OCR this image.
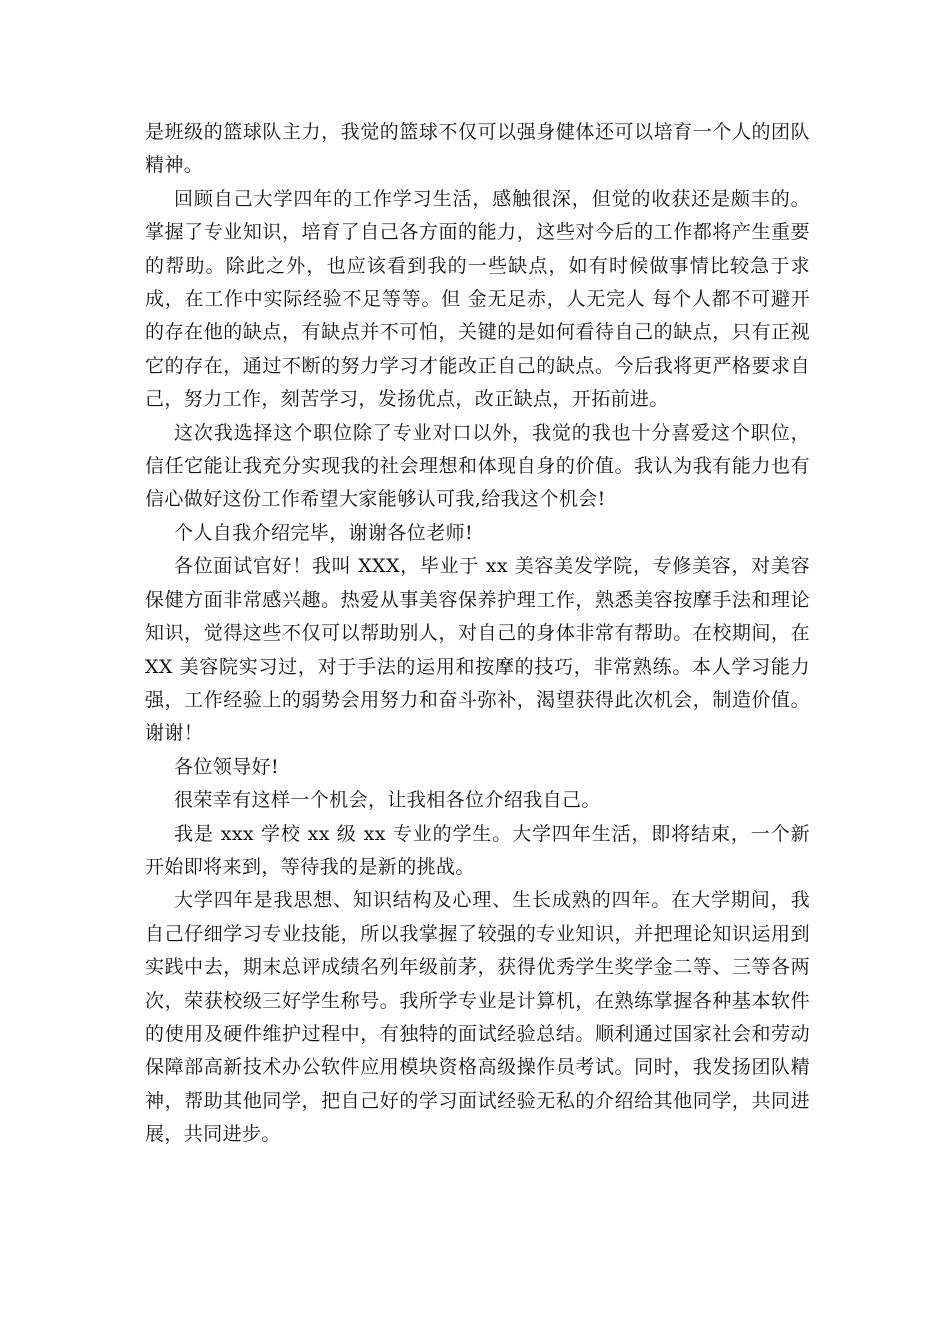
是班级的篮球队主力，我觉的篮球不仅可以强身健体还可以培育一个人的团队精神。

回顾自己大学四年的工作学习生活，感触很深，但觉的收获还是颇丰的。掌握了专业知识，培育了自己各方面的能力，这些对今后的工作都将产生重要的帮助。除此之外，也应该看到我的一些缺点，如有时候做事情比较急于求成，在工作中实际经验不足等等。但 金无足赤，人无完人 每个人都不可避开的存在他的缺点，有缺点并不可怕，关键的是如何看待自己的缺点，只有正视它的存在，通过不断的努力学习才能改正自己的缺点。今后我将更严格要求自己，努力工作，刻苦学习，发扬优点，改正缺点，开拓前进。

这次我选择这个职位除了专业对口以外，我觉的我也十分喜爱这个职位，信任它能让我充分实现我的社会理想和体现自身的价值。我认为我有能力也有信心做好这份工作希望大家能够认可我,给我这个机会!

个人自我介绍完毕，谢谢各位老师!

各位面试官好！我叫 XXX，毕业于 xx 美容美发学院，专修美容，对美容保健方面非常感兴趣。热爱从事美容保养护理工作，熟悉美容按摩手法和理论知识，觉得这些不仅可以帮助别人，对自己的身体非常有帮助。在校期间，在 XX 美容院实习过，对于手法的运用和按摩的技巧，非常熟练。本人学习能力强，工作经验上的弱势会用努力和奋斗弥补，渴望获得此次机会，制造价值。谢谢！

各位领导好!

很荣幸有这样一个机会，让我相各位介绍我自己。

我是 xxx 学校 xx 级 xx 专业的学生。大学四年生活，即将结束，一个新开始即将来到，等待我的是新的挑战。

大学四年是我思想、知识结构及心理、生长成熟的四年。在大学期间，我自己仔细学习专业技能，所以我掌握了较强的专业知识，并把理论知识运用到实践中去，期末总评成绩名列年级前茅，获得优秀学生奖学金二等、三等各两次，荣获校级三好学生称号。我所学专业是计算机，在熟练掌握各种基本软件的使用及硬件维护过程中，有独特的面试经验总结。顺利通过国家社会和劳动保障部高新技术办公软件应用模块资格高级操作员考试。同时，我发扬团队精神，帮助其他同学，把自己好的学习面试经验无私的介绍给其他同学，共同进展，共同进步。
